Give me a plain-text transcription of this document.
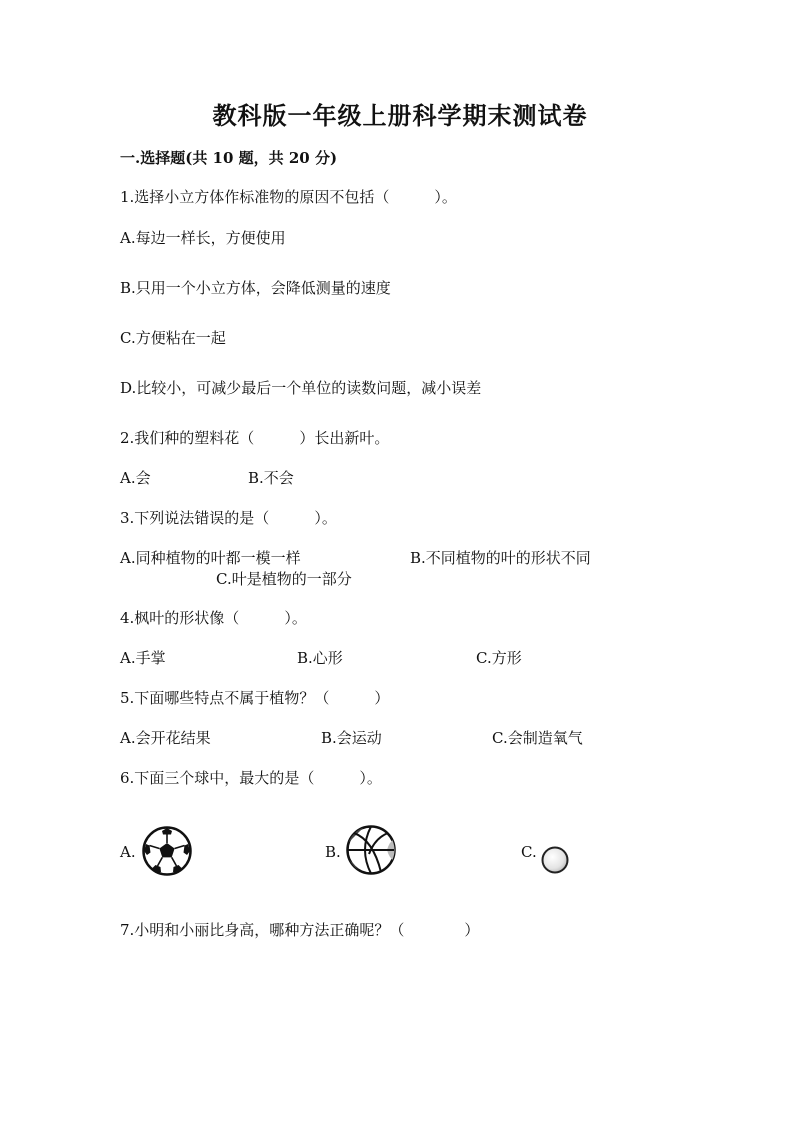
教科版一年级上册科学期末测试卷
一.选择题(共 10 题，共 20 分)
1.选择小立方体作标准物的原因不包括（　　　）。
A.每边一样长，方便使用
B.只用一个小立方体，会降低测量的速度
C.方便粘在一起
D.比较小，可减少最后一个单位的读数问题，减小误差
2.我们种的塑料花（　　　）长出新叶。
A.会	B.不会
3.下列说法错误的是（　　　）。
A.同种植物的叶都一模一样	B.不同植物的叶的形状不同
C.叶是植物的一部分
4.枫叶的形状像（　　　）。
A.手掌	B.心形	C.方形
5.下面哪些特点不属于植物？（　　　）
A.会开花结果	B.会运动	C.会制造氧气
6.下面三个球中，最大的是（　　　）。
A.	B.	C.
7.小明和小丽比身高，哪种方法正确呢？（　　　　）
